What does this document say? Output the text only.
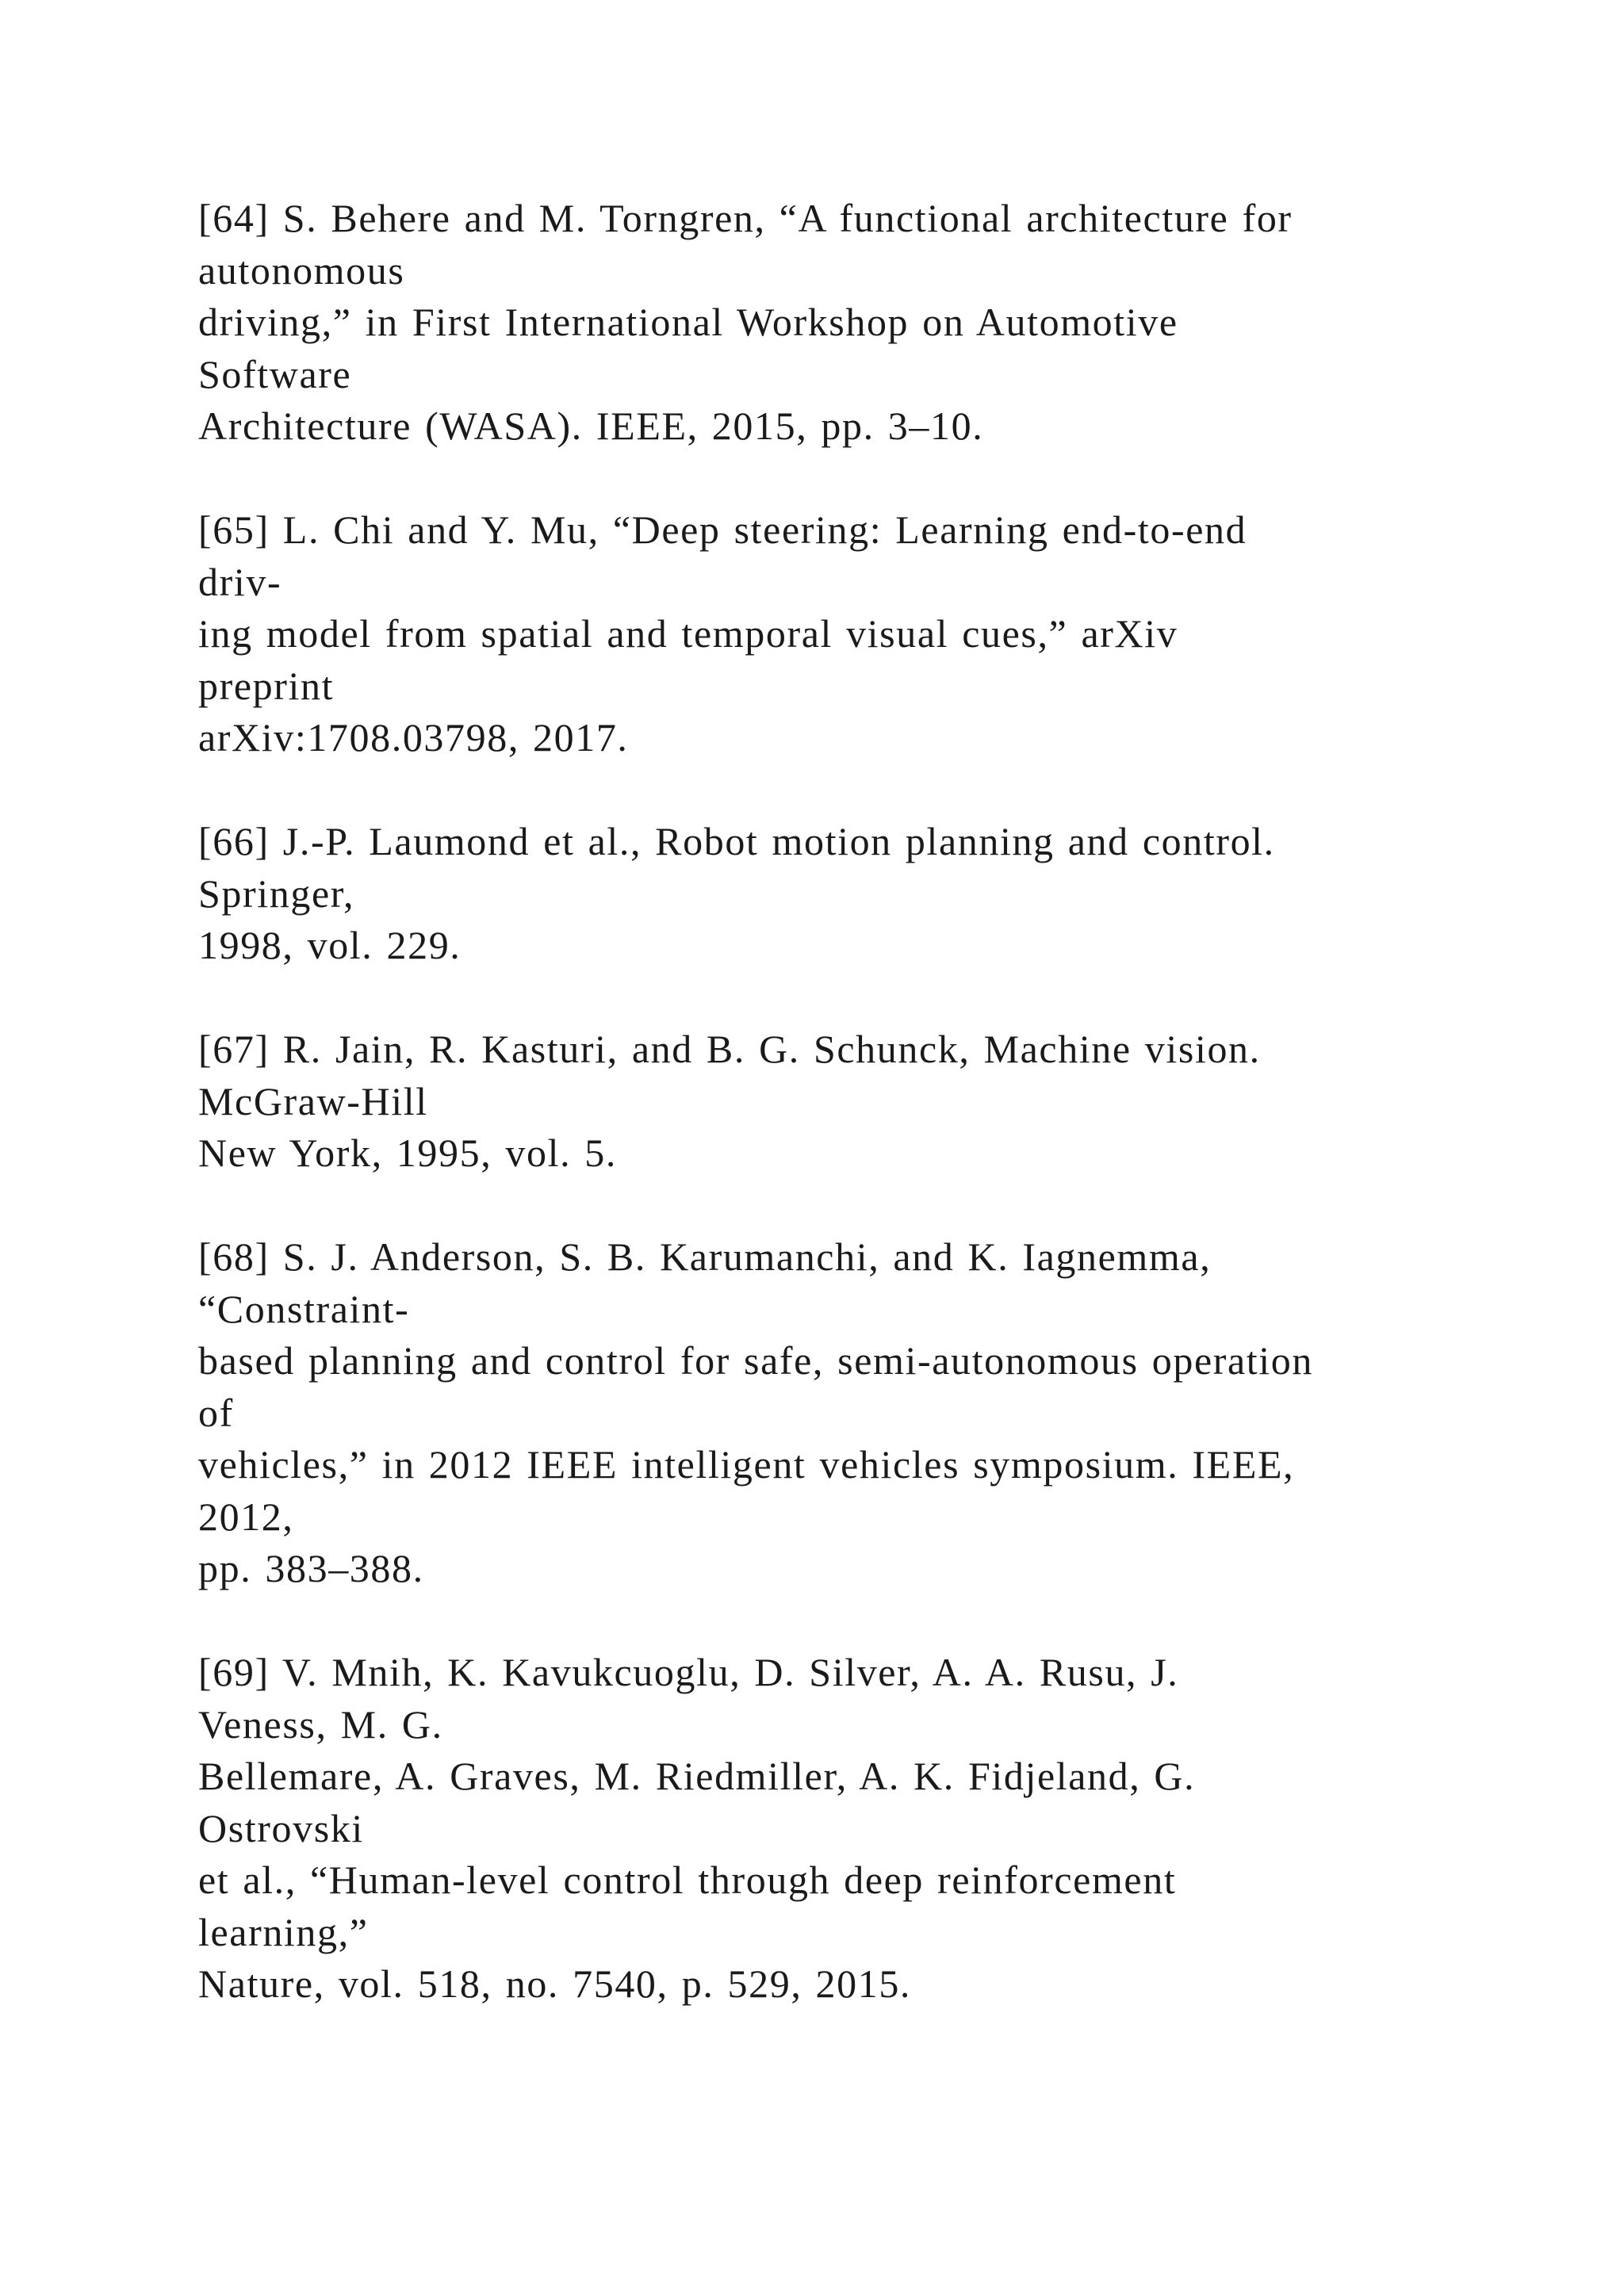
[64] S. Behere and M. Torngren, “A functional architecture for
autonomous
driving,” in First International Workshop on Automotive
Software
Architecture (WASA). IEEE, 2015, pp. 3–10.
[65] L. Chi and Y. Mu, “Deep steering: Learning end-to-end
driv-
ing model from spatial and temporal visual cues,” arXiv
preprint
arXiv:1708.03798, 2017.
[66] J.-P. Laumond et al., Robot motion planning and control.
Springer,
1998, vol. 229.
[67] R. Jain, R. Kasturi, and B. G. Schunck, Machine vision.
McGraw-Hill
New York, 1995, vol. 5.
[68] S. J. Anderson, S. B. Karumanchi, and K. Iagnemma,
“Constraint-
based planning and control for safe, semi-autonomous operation
of
vehicles,” in 2012 IEEE intelligent vehicles symposium. IEEE,
2012,
pp. 383–388.
[69] V. Mnih, K. Kavukcuoglu, D. Silver, A. A. Rusu, J.
Veness, M. G.
Bellemare, A. Graves, M. Riedmiller, A. K. Fidjeland, G.
Ostrovski
et al., “Human-level control through deep reinforcement
learning,”
Nature, vol. 518, no. 7540, p. 529, 2015.
